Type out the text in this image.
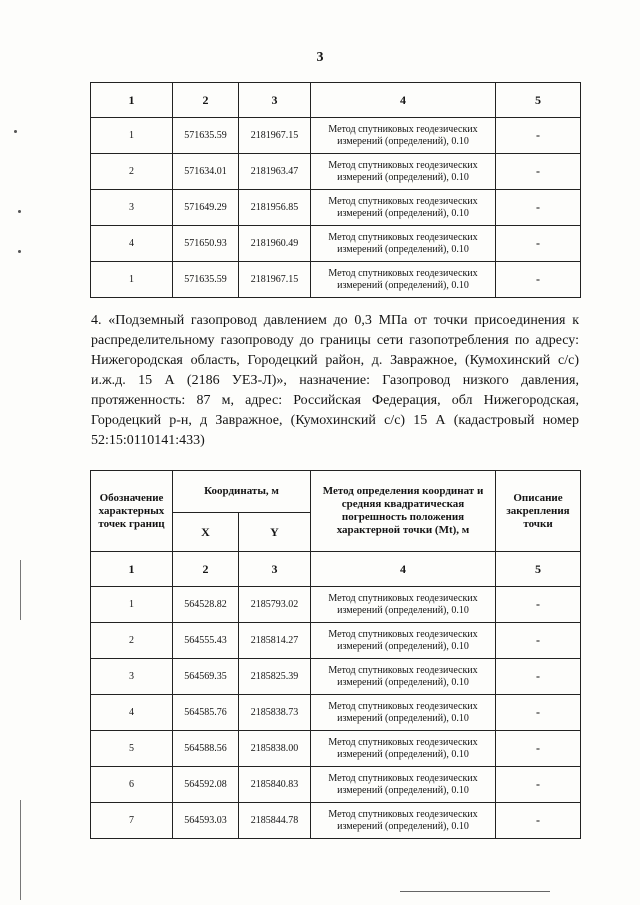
3
1	2	3	4	5
1	571635.59	2181967.15	Метод спутниковых геодезических измерений (определений), 0.10	-
2	571634.01	2181963.47	Метод спутниковых геодезических измерений (определений), 0.10	-
3	571649.29	2181956.85	Метод спутниковых геодезических измерений (определений), 0.10	-
4	571650.93	2181960.49	Метод спутниковых геодезических измерений (определений), 0.10	-
1	571635.59	2181967.15	Метод спутниковых геодезических измерений (определений), 0.10	-

4. «Подземный газопровод давлением до 0,3 МПа от точки присоединения к распределительному газопроводу до границы сети газопотребления по адресу: Нижегородская область, Городецкий район, д. Завражное, (Кумохинский с/с) и.ж.д. 15 А (2186 УЕЗ-Л)», назначение: Газопровод низкого давления, протяженность: 87 м, адрес: Российская Федерация, обл Нижегородская, Городецкий р-н, д Завражное, (Кумохинский с/с) 15 А (кадастровый номер 52:15:0110141:433)

Обозначение характерных точек границ	Координаты, м		Метод определения координат и средняя квадратическая погрешность положения характерной точки (Mt), м	Описание закрепления точки
	X	Y		
1	2	3	4	5
1	564528.82	2185793.02	Метод спутниковых геодезических измерений (определений), 0.10	-
2	564555.43	2185814.27	Метод спутниковых геодезических измерений (определений), 0.10	-
3	564569.35	2185825.39	Метод спутниковых геодезических измерений (определений), 0.10	-
4	564585.76	2185838.73	Метод спутниковых геодезических измерений (определений), 0.10	-
5	564588.56	2185838.00	Метод спутниковых геодезических измерений (определений), 0.10	-
6	564592.08	2185840.83	Метод спутниковых геодезических измерений (определений), 0.10	-
7	564593.03	2185844.78	Метод спутниковых геодезических измерений (определений), 0.10	-
